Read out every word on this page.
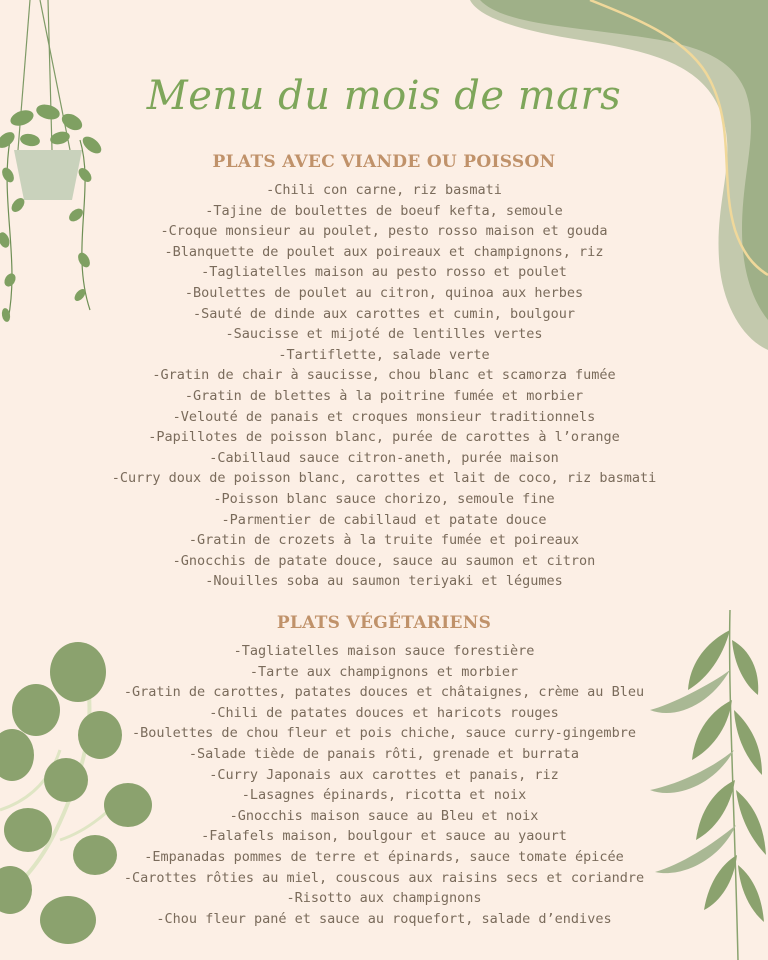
Menu du mois de mars
PLATS AVEC VIANDE OU POISSON
-Chili con carne, riz basmati
-Tajine de boulettes de boeuf kefta, semoule
-Croque monsieur au poulet, pesto rosso maison et gouda
-Blanquette de poulet aux poireaux et champignons, riz
-Tagliatelles maison au pesto rosso et poulet
-Boulettes de poulet au citron, quinoa aux herbes
-Sauté de dinde aux carottes et cumin, boulgour
-Saucisse et mijoté de lentilles vertes
-Tartiflette, salade verte
-Gratin de chair à saucisse, chou blanc et scamorza fumée
-Gratin de blettes à la poitrine fumée et morbier
-Velouté de panais et croques monsieur traditionnels
-Papillotes de poisson blanc, purée de carottes à l’orange
-Cabillaud sauce citron-aneth, purée maison
-Curry doux de poisson blanc, carottes et lait de coco, riz basmati
-Poisson blanc sauce chorizo, semoule fine
-Parmentier de cabillaud et patate douce
-Gratin de crozets à la truite fumée et poireaux
-Gnocchis de patate douce, sauce au saumon et citron
-Nouilles soba au saumon teriyaki et légumes
PLATS VÉGÉTARIENS
-Tagliatelles maison sauce forestière
-Tarte aux champignons et morbier
-Gratin de carottes, patates douces et châtaignes, crème au Bleu
-Chili de patates douces et haricots rouges
-Boulettes de chou fleur et pois chiche, sauce curry-gingembre
-Salade tiède de panais rôti, grenade et burrata
-Curry Japonais aux carottes et panais, riz
-Lasagnes épinards, ricotta et noix
-Gnocchis maison sauce au Bleu et noix
-Falafels maison, boulgour et sauce au yaourt
-Empanadas pommes de terre et épinards, sauce tomate épicée
-Carottes rôties au miel, couscous aux raisins secs et coriandre
-Risotto aux champignons
-Chou fleur pané et sauce au roquefort, salade d’endives
